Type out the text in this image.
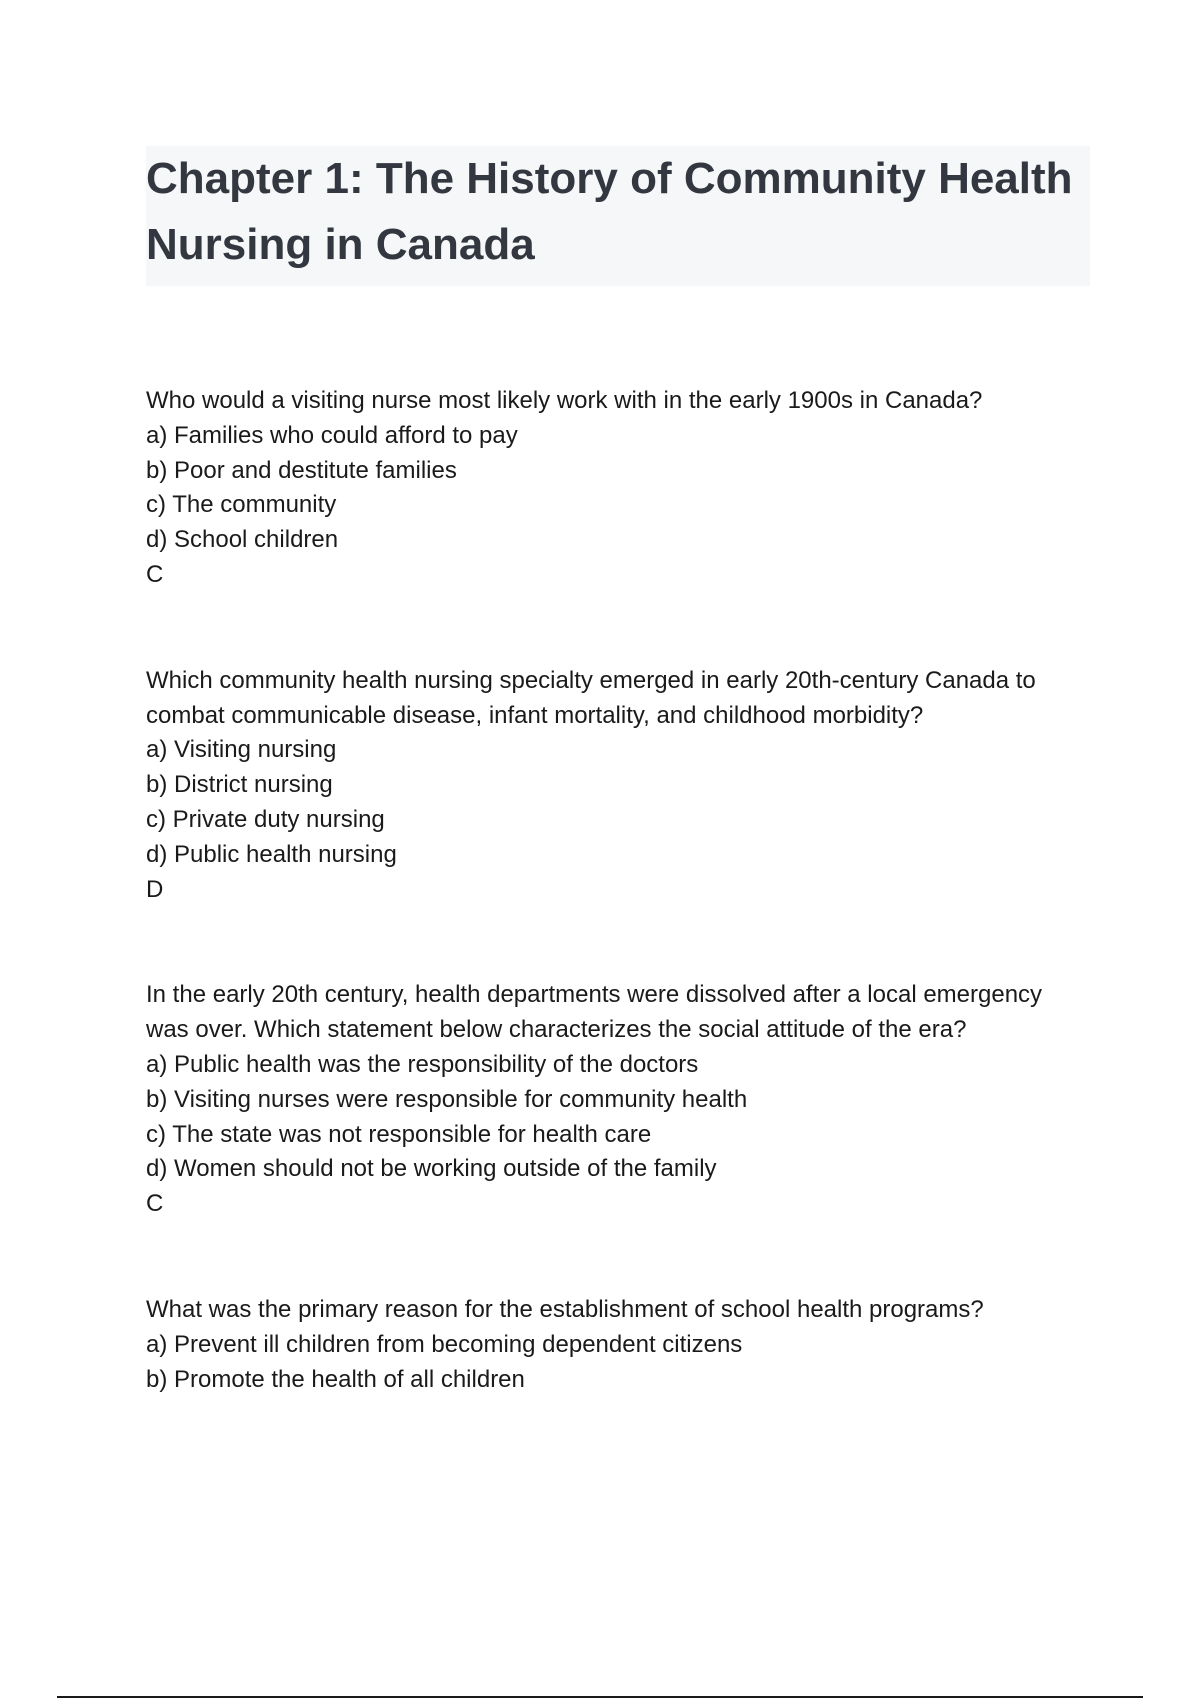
Chapter 1: The History of Community Health Nursing in Canada
Who would a visiting nurse most likely work with in the early 1900s in Canada?
a) Families who could afford to pay
b) Poor and destitute families
c) The community
d) School children
C
Which community health nursing specialty emerged in early 20th-century Canada to combat communicable disease, infant mortality, and childhood morbidity?
a) Visiting nursing
b) District nursing
c) Private duty nursing
d) Public health nursing
D
In the early 20th century, health departments were dissolved after a local emergency was over. Which statement below characterizes the social attitude of the era?
a) Public health was the responsibility of the doctors
b) Visiting nurses were responsible for community health
c) The state was not responsible for health care
d) Women should not be working outside of the family
C
What was the primary reason for the establishment of school health programs?
a) Prevent ill children from becoming dependent citizens
b) Promote the health of all children
